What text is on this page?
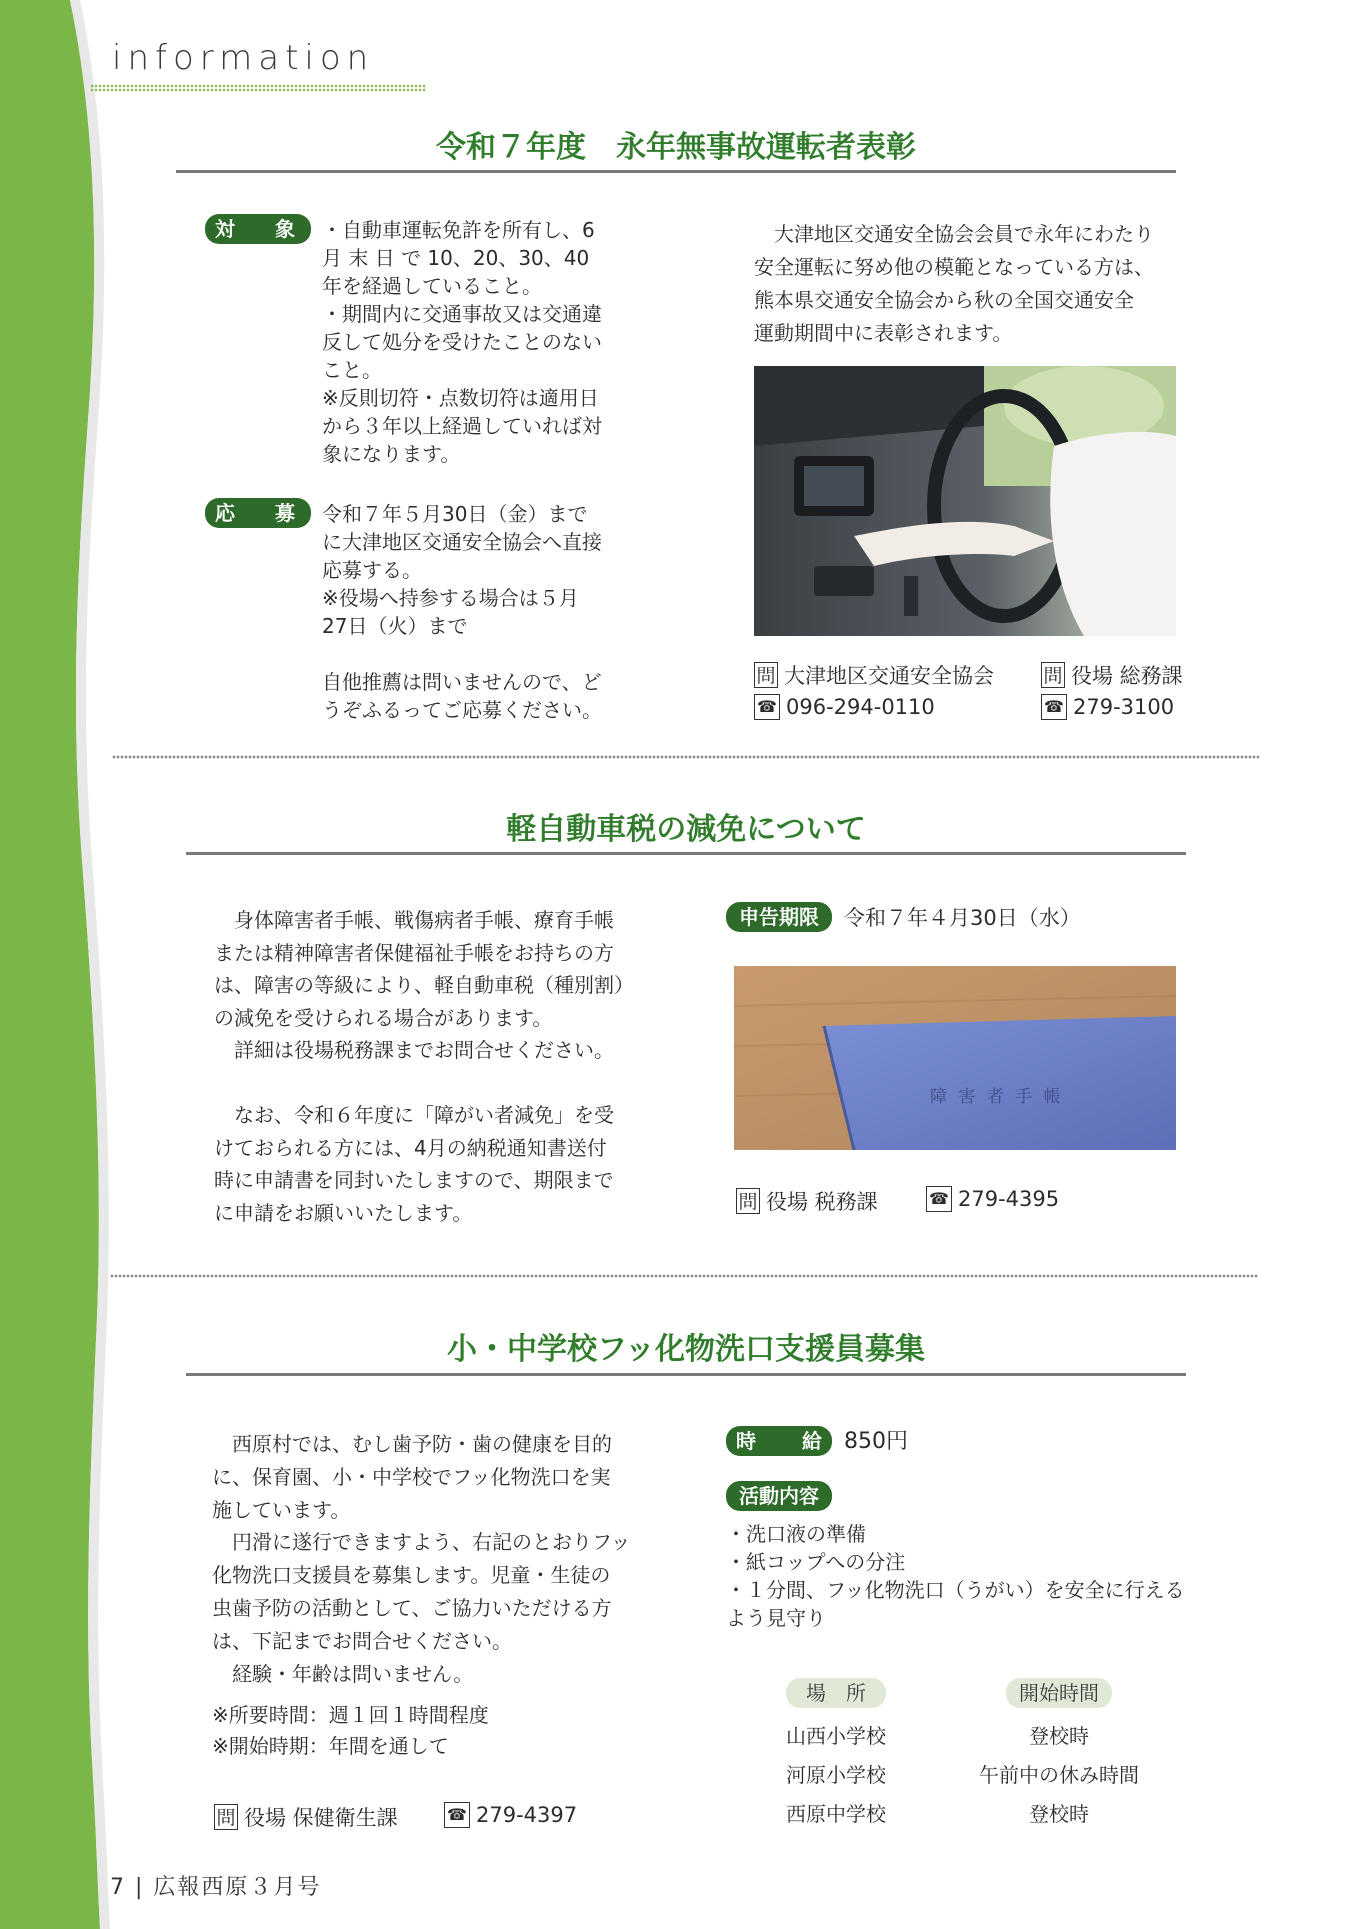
information
令和７年度　永年無事故運転者表彰
対　　象 ・自動車運転免許を所有し、6

月 末 日 で 10、20、30、40

年を経過していること。

・期間内に交通事故又は交通違

反して処分を受けたことのない

こと。

※反則切符・点数切符は適用日

から３年以上経過していれば対

象になります。

応　　募 令和７年５月30日（金）まで

に大津地区交通安全協会へ直接

応募する。

※役場へ持参する場合は５月

27日（火）まで

自他推薦は問いませんので、ど

うぞふるってご応募ください。

　大津地区交通安全協会会員で永年にわたり

安全運転に努め他の模範となっている方は、

熊本県交通安全協会から秋の全国交通安全

運動期間中に表彰されます。

問 大津地区交通安全協会
☎ 096-294-0110
問 役場 総務課
☎ 279-3100
軽自動車税の減免について

　身体障害者手帳、戦傷病者手帳、療育手帳

または精神障害者保健福祉手帳をお持ちの方

は、障害の等級により、軽自動車税（種別割）

の減免を受けられる場合があります。

　詳細は役場税務課までお問合せください。

　なお、令和６年度に「障がい者減免」を受

けておられる方には、4月の納税通知書送付

時に申請書を同封いたしますので、期限まで

に申請をお願いいたします。

申告期限	令和７年４月30日（水）
障 害 者 手 帳
問 役場 税務課	☎ 279-4395
小・中学校フッ化物洗口支援員募集

　西原村では、むし歯予防・歯の健康を目的

に、保育園、小・中学校でフッ化物洗口を実

施しています。

　円滑に遂行できますよう、右記のとおりフッ

化物洗口支援員を募集します。児童・生徒の

虫歯予防の活動として、ご協力いただける方

は、下記までお問合せください。

　経験・年齢は問いません。

※所要時間：週１回１時間程度

※開始時期：年間を通して

時 給 850円
活動内容

・洗口液の準備

・紙コップへの分注

・１分間、フッ化物洗口（うがい）を安全に行える

よう見守り

場　所	開始時間
山西小学校	登校時
河原小学校	午前中の休み時間
西原中学校	登校時
問 役場 保健衛生課	☎ 279-4397
7 | 広報西原３月号
